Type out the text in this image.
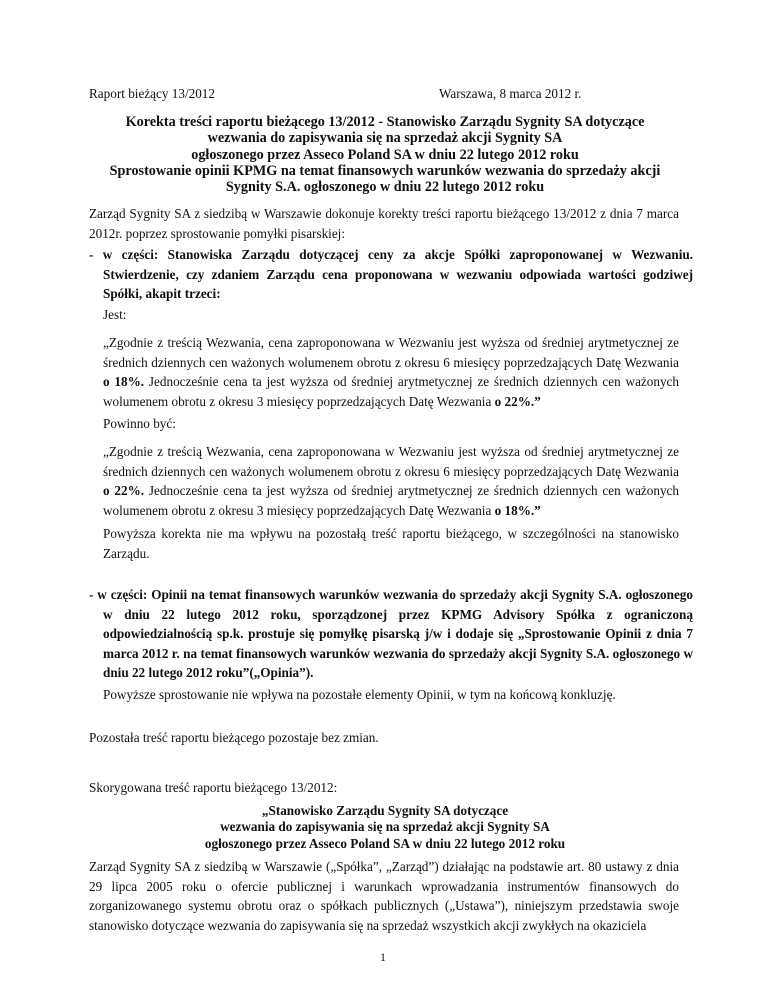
Raport bieżący 13/2012	Warszawa, 8 marca 2012 r.
Korekta treści raportu bieżącego 13/2012 - Stanowisko Zarządu Sygnity SA dotyczące
wezwania do zapisywania się na sprzedaż akcji Sygnity SA
ogłoszonego przez Asseco Poland SA w dniu 22 lutego 2012 roku
Sprostowanie opinii KPMG na temat finansowych warunków wezwania do sprzedaży akcji
Sygnity S.A. ogłoszonego w dniu 22 lutego 2012 roku

Zarząd Sygnity SA z siedzibą w Warszawie dokonuje korekty treści raportu bieżącego 13/2012 z dnia 7 marca 2012r. poprzez sprostowanie pomyłki pisarskiej:

- w części: Stanowiska Zarządu dotyczącej ceny za akcje Spółki zaproponowanej w Wezwaniu. Stwierdzenie, czy zdaniem Zarządu cena proponowana w wezwaniu odpowiada wartości godziwej Spółki, akapit trzeci:

Jest:

„Zgodnie z treścią Wezwania, cena zaproponowana w Wezwaniu jest wyższa od średniej arytmetycznej ze średnich dziennych cen ważonych wolumenem obrotu z okresu 6 miesięcy poprzedzających Datę Wezwania o 18%. Jednocześnie cena ta jest wyższa od średniej arytmetycznej ze średnich dziennych cen ważonych wolumenem obrotu z okresu 3 miesięcy poprzedzających Datę Wezwania o 22%.”

Powinno być:

„Zgodnie z treścią Wezwania, cena zaproponowana w Wezwaniu jest wyższa od średniej arytmetycznej ze średnich dziennych cen ważonych wolumenem obrotu z okresu 6 miesięcy poprzedzających Datę Wezwania o 22%. Jednocześnie cena ta jest wyższa od średniej arytmetycznej ze średnich dziennych cen ważonych wolumenem obrotu z okresu 3 miesięcy poprzedzających Datę Wezwania o 18%.”

Powyższa korekta nie ma wpływu na pozostałą treść raportu bieżącego, w szczególności na stanowisko Zarządu.

- w części: Opinii na temat finansowych warunków wezwania do sprzedaży akcji Sygnity S.A. ogłoszonego w dniu 22 lutego 2012 roku, sporządzonej przez KPMG Advisory Spółka z ograniczoną odpowiedzialnością sp.k. prostuje się pomyłkę pisarską j/w i dodaje się „Sprostowanie Opinii z dnia 7 marca 2012 r. na temat finansowych warunków wezwania do sprzedaży akcji Sygnity S.A. ogłoszonego w dniu 22 lutego 2012 roku”(„Opinia”).

Powyższe sprostowanie nie wpływa na pozostałe elementy Opinii, w tym na końcową konkluzję.

Pozostała treść raportu bieżącego pozostaje bez zmian.

Skorygowana treść raportu bieżącego 13/2012:

„Stanowisko Zarządu Sygnity SA dotyczące
wezwania do zapisywania się na sprzedaż akcji Sygnity SA
ogłoszonego przez Asseco Poland SA w dniu 22 lutego 2012 roku

Zarząd Sygnity SA z siedzibą w Warszawie („Spółka”, „Zarząd”) działając na podstawie art. 80 ustawy z dnia 29 lipca 2005 roku o ofercie publicznej i warunkach wprowadzania instrumentów finansowych do zorganizowanego systemu obrotu oraz o spółkach publicznych („Ustawa”), niniejszym przedstawia swoje stanowisko dotyczące wezwania do zapisywania się na sprzedaż wszystkich akcji zwykłych na okaziciela

1
